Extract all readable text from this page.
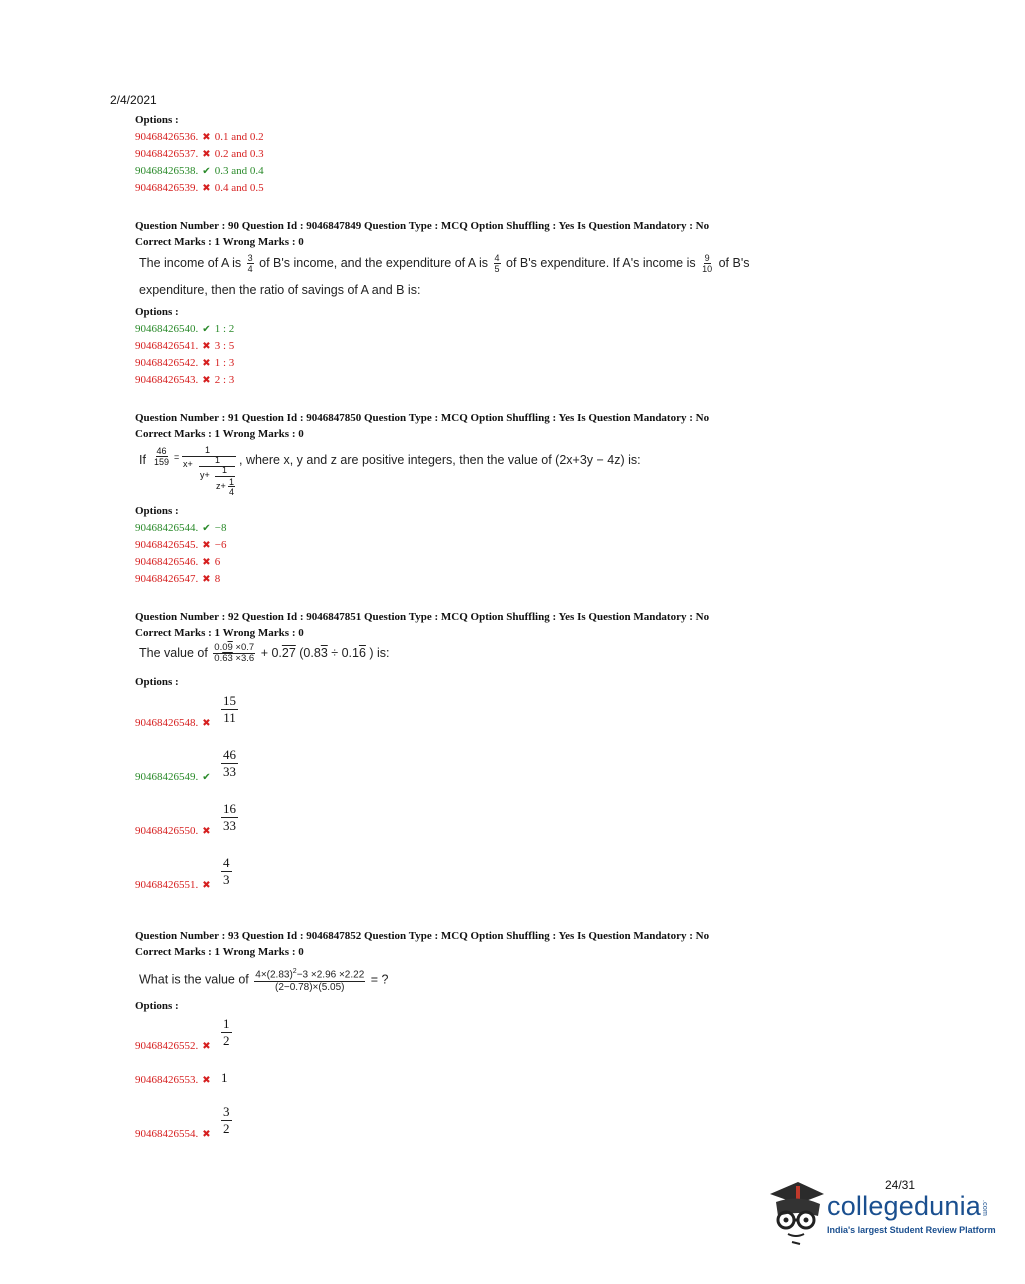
2/4/2021
Options :
90468426536. ✖ 0.1 and 0.2
90468426537. ✖ 0.2 and 0.3
90468426538. ✔ 0.3 and 0.4
90468426539. ✖ 0.4 and 0.5
Question Number : 90 Question Id : 9046847849 Question Type : MCQ Option Shuffling : Yes Is Question Mandatory : No
Correct Marks : 1 Wrong Marks : 0
The income of A is $\frac{3}{4}$ of B's income, and the expenditure of A is $\frac{4}{5}$ of B's expenditure. If A's income is $\frac{9}{10}$ of B's
expenditure, then the ratio of savings of A and B is:
Options :
90468426540. ✔ 1 : 2
90468426541. ✖ 3 : 5
90468426542. ✖ 1 : 3
90468426543. ✖ 2 : 3
Question Number : 91 Question Id : 9046847850 Question Type : MCQ Option Shuffling : Yes Is Question Mandatory : No
Correct Marks : 1 Wrong Marks : 0
If $\frac{46}{159}$ =
1
x+ 1
y+ 1
z+ 1
4
, where x, y and z are positive integers, then the value of (2x+3y − 4z) is:
Options :
90468426544. ✔ −8
90468426545. ✖ −6
90468426546. ✖ 6
90468426547. ✖ 8
Question Number : 92 Question Id : 9046847851 Question Type : MCQ Option Shuffling : Yes Is Question Mandatory : No
Correct Marks : 1 Wrong Marks : 0
The value of $\frac{0.09 \times 0.7}{0.63 \times 3.6} + 0.27$ (0.83 ÷ 0.16 ) is:
Options :
90468426548. ✖
15
11
90468426549. ✔
46
33
90468426550. ✖
16
33
90468426551. ✖
4
3
Question Number : 93 Question Id : 9046847852 Question Type : MCQ Option Shuffling : Yes Is Question Mandatory : No
Correct Marks : 1 Wrong Marks : 0
What is the value of $\frac{4\times(2.83)^2-3 \times 2.96 \times 2.22}{(2-0.78)\times(5.05)}$ = ?
Options :
90468426552. ✖
1
2
90468426553. ✖ 1
90468426554. ✖
3
2
24/31
collegedunia.com
India's largest Student Review Platform
